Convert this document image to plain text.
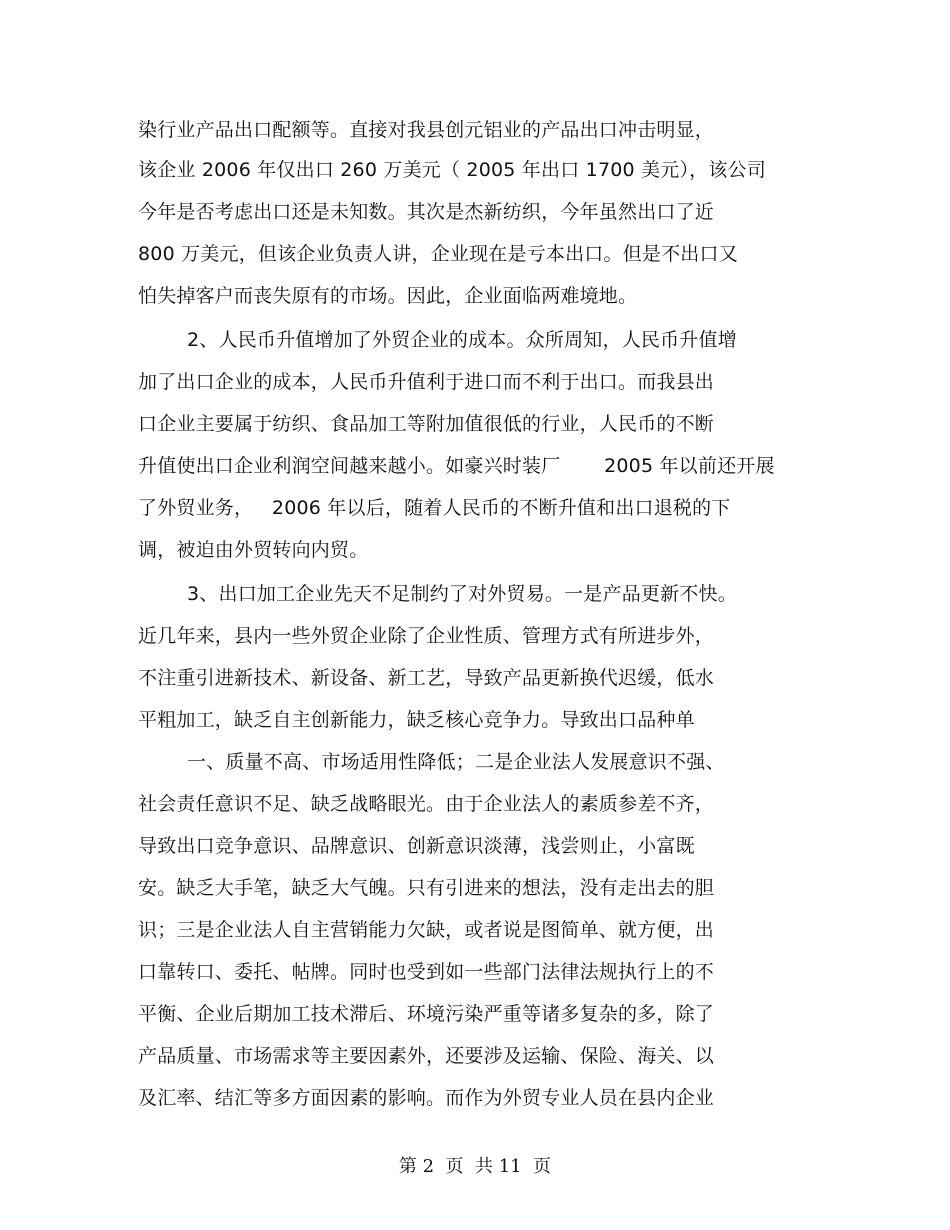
染行业产品出口配额等。直接对我县创元铝业的产品出口冲击明显，
该企业 2006 年仅出口 260 万美元（ 2005 年出口 1700 美元），该公司
今年是否考虑出口还是未知数。其次是杰新纺织，今年虽然出口了近
800 万美元，但该企业负责人讲，企业现在是亏本出口。但是不出口又
怕失掉客户而丧失原有的市场。因此，企业面临两难境地。
2、人民币升值增加了外贸企业的成本。众所周知，人民币升值增
加了出口企业的成本，人民币升值利于进口而不利于出口。而我县出
口企业主要属于纺织、食品加工等附加值很低的行业，人民币的不断
升值使出口企业利润空间越来越小。如豪兴时装厂       2005 年以前还开展
了外贸业务，   2006 年以后，随着人民币的不断升值和出口退税的下
调，被迫由外贸转向内贸。
3、出口加工企业先天不足制约了对外贸易。一是产品更新不快。
近几年来，县内一些外贸企业除了企业性质、管理方式有所进步外，
不注重引进新技术、新设备、新工艺，导致产品更新换代迟缓，低水
平粗加工，缺乏自主创新能力，缺乏核心竞争力。导致出口品种单
一、质量不高、市场适用性降低；二是企业法人发展意识不强、
社会责任意识不足、缺乏战略眼光。由于企业法人的素质参差不齐，
导致出口竞争意识、品牌意识、创新意识淡薄，浅尝则止，小富既
安。缺乏大手笔，缺乏大气魄。只有引进来的想法，没有走出去的胆
识；三是企业法人自主营销能力欠缺，或者说是图简单、就方便，出
口靠转口、委托、帖牌。同时也受到如一些部门法律法规执行上的不
平衡、企业后期加工技术滞后、环境污染严重等诸多复杂的多，除了
产品质量、市场需求等主要因素外，还要涉及运输、保险、海关、以
及汇率、结汇等多方面因素的影响。而作为外贸专业人员在县内企业
第 2  页  共 11  页
